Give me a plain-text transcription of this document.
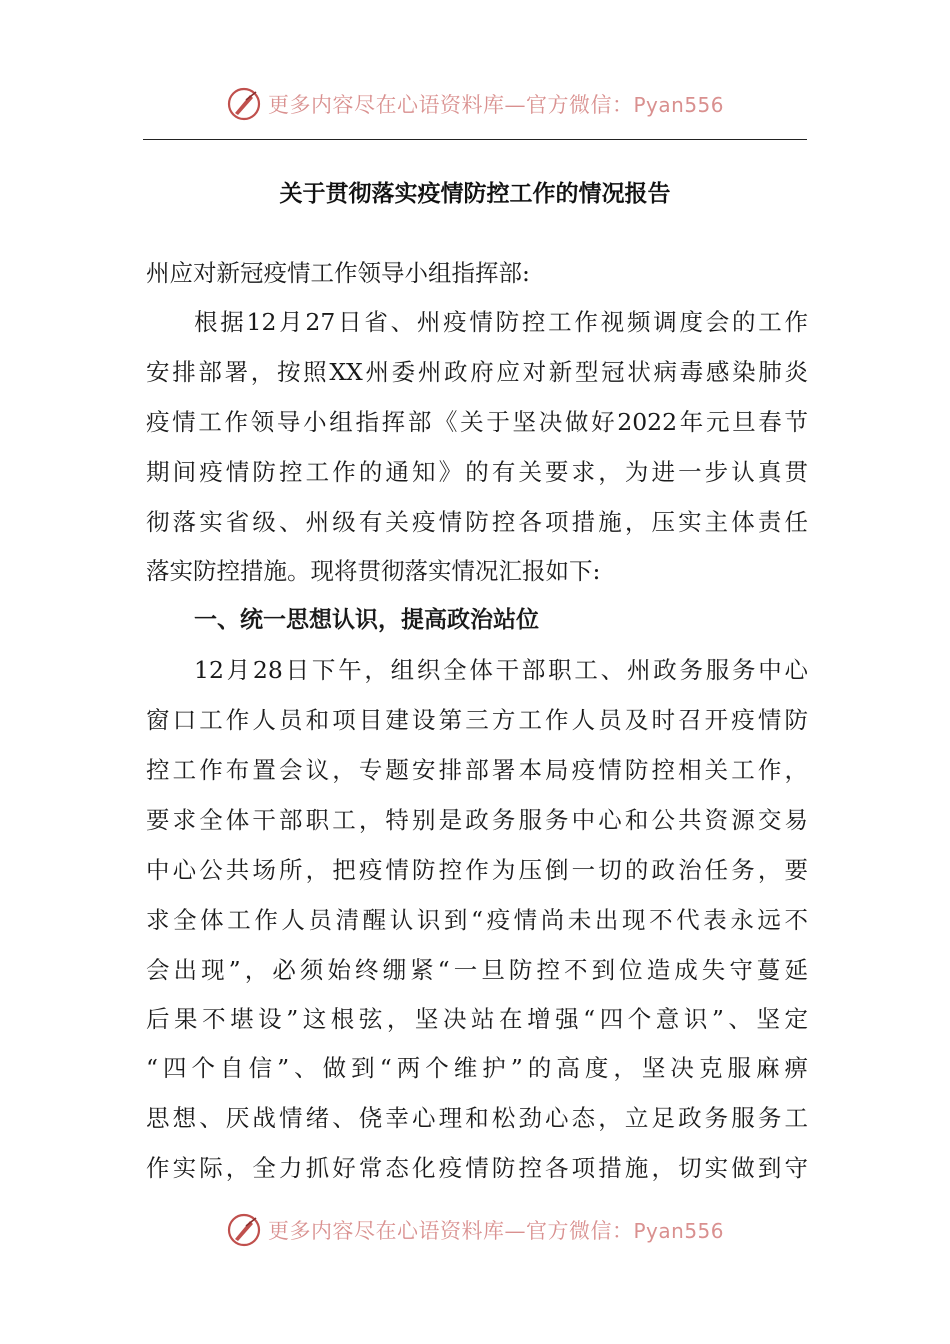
更多内容尽在心语资料库—官方微信：Pyan556
关于贯彻落实疫情防控工作的情况报告
州应对新冠疫情工作领导小组指挥部:
根据12月27日省、州疫情防控工作视频调度会的工作
安排部署，按照XX州委州政府应对新型冠状病毒感染肺炎
疫情工作领导小组指挥部《关于坚决做好2022年元旦春节
期间疫情防控工作的通知》的有关要求，为进一步认真贯
彻落实省级、州级有关疫情防控各项措施，压实主体责任
落实防控措施。现将贯彻落实情况汇报如下:
一、统一思想认识，提高政治站位
12月28日下午，组织全体干部职工、州政务服务中心
窗口工作人员和项目建设第三方工作人员及时召开疫情防
控工作布置会议，专题安排部署本局疫情防控相关工作，
要求全体干部职工，特别是政务服务中心和公共资源交易
中心公共场所，把疫情防控作为压倒一切的政治任务，要
求全体工作人员清醒认识到“疫情尚未出现不代表永远不
会出现”，必须始终绷紧“一旦防控不到位造成失守蔓延
后果不堪设”这根弦，坚决站在增强“四个意识”、坚定
“四个自信”、做到“两个维护”的高度，坚决克服麻痹
思想、厌战情绪、侥幸心理和松劲心态，立足政务服务工
作实际，全力抓好常态化疫情防控各项措施，切实做到守
更多内容尽在心语资料库—官方微信：Pyan556
